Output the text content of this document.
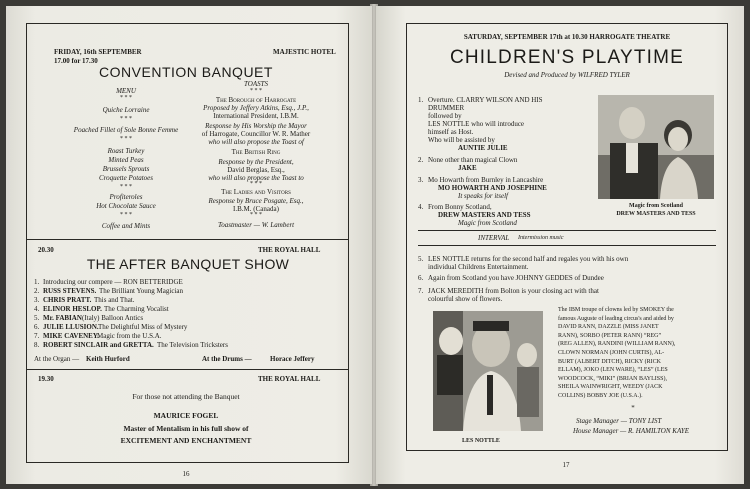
FRIDAY, 16th SEPTEMBER
17.00 for 17.30
MAJESTIC HOTEL
CONVENTION BANQUET
MENU
* * *
Quiche Lorraine
* * *
Poached Fillet of Sole Bonne Femme
* * *
Roast Turkey
Minted Peas
Brussels Sprouts
Croquette Potatoes
* * *
Profiteroles
Hot Chocolate Sauce
* * *
Coffee and Mints
TOASTS
* * *
The Borough of Harrogate
Proposed by Jeffery Atkins, Esq., J.P.,
International President, I.B.M.
Response by His Worship the Mayor
of Harrogate, Councillor W. R. Mather
who will also propose the Toast of
The British Ring
Response by the President,
David Berglas, Esq.,
who will also propose the Toast to
* * *
The Ladies and Visitors
Response by Bruce Posgate, Esq.,
I.B.M. (Canada)
* * *
Toastmaster — W. Lambert
20.30	THE ROYAL HALL
THE AFTER BANQUET SHOW
1. Introducing our compere — RON BETTERIDGE
2. RUSS STEVENS. The Brilliant Young Magician
3. CHRIS PRATT. This and That.
4. ELINOR HESLOP. The Charming Vocalist
5. Mr. FABIAN (Italy) Balloon Antics
6. JULIE LLUSION. The Delightful Miss of Mystery
7. MIKE CAVENEY.
Magic from the U.S.A.
8. ROBERT SINCLAIR and GRETTA. The Television Tricksters
At the Organ — Keith Hurford	At the Drums —	Horace Jeffery
19.30	THE ROYAL HALL
For those not attending the Banquet
MAURICE FOGEL
Master of Mentalism in his full show of
EXCITEMENT AND ENCHANTMENT
16
SATURDAY, SEPTEMBER 17th at 10.30 HARROGATE THEATRE
CHILDREN'S PLAYTIME
Devised and Produced by WILFRED TYLER
1. Overture. CLARRY WILSON AND HIS
DRUMMER
followed by
LES NOTTLE who will introduce
himself as Host.
Who will be assisted by
AUNTIE JULIE
2. None other than magical Clown
JAKE
3. Mo Howarth from Burnley in Lancashire
MO HOWARTH AND JOSEPHINE
It speaks for itself
4. From Bonny Scotland,
DREW MASTERS AND TESS
Magic from Scotland
Magic from Scotland
DREW MASTERS AND TESS
INTERVAL Intermission music
5. LES NOTTLE returns for the second half and regales you with his own
individual Childrens Entertainment.
6. Again from Scotland you have JOHNNY GEDDES of Dundee
7. JACK MEREDITH from Bolton is your closing act with that
colourful show of flowers.
LES NOTTLE
The IBM troupe of clowns led by SMOKEY the
famous Auguste of leading circus's and aided by
DAVID RANN, DAZZLE (MISS JANET
RANN), SORBO (PETER RANN) “REG”
(REG ALLEN), RANDINI (WILLIAM RANN),
CLOWN NORMAN (JOHN CURTIS), AL-
BURT (ALBERT DITCH), RICKY (RICK
ELLAM), JOKO (LEN WARE), “LES” (LES
WOODCOCK, “MIKI” (BRIAN BAYLISS),
SHEILA WAINWRIGHT, WEEDY (JACK
COLLINS) BOBBY JOE (U.S.A.).
*
Stage Manager — TONY LIST
House Manager — R. HAMILTON KAYE
17
